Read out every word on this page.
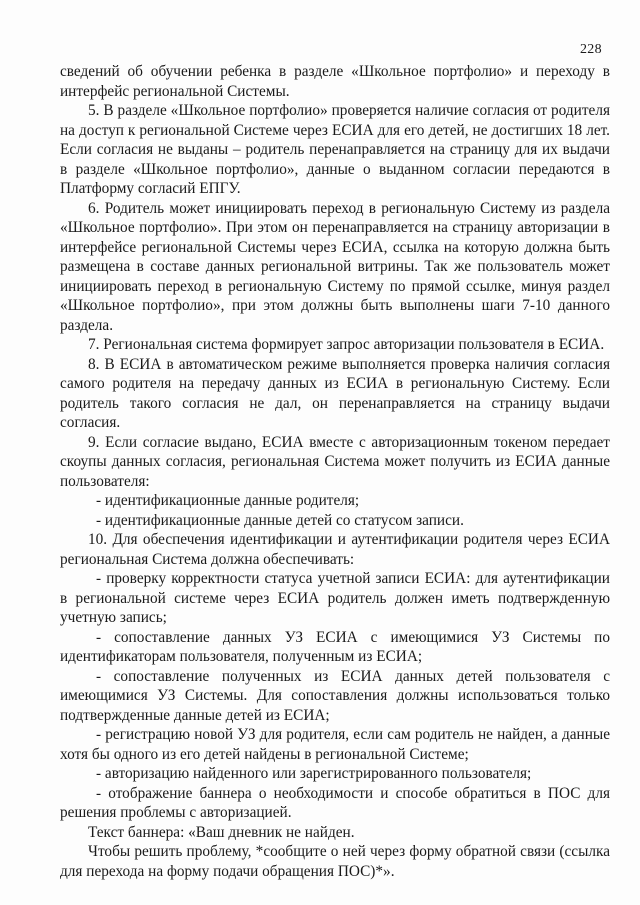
228

сведений об обучении ребенка в разделе «Школьное портфолио» и переходу в интерфейс региональной Системы.

5. В разделе «Школьное портфолио» проверяется наличие согласия от родителя на доступ к региональной Системе через ЕСИА для его детей, не достигших 18 лет. Если согласия не выданы – родитель перенаправляется на страницу для их выдачи в разделе «Школьное портфолио», данные о выданном согласии передаются в Платформу согласий ЕПГУ.

6. Родитель может инициировать переход в региональную Систему из раздела «Школьное портфолио». При этом он перенаправляется на страницу авторизации в интерфейсе региональной Системы через ЕСИА, ссылка на которую должна быть размещена в составе данных региональной витрины. Так же пользователь может инициировать переход в региональную Систему по прямой ссылке, минуя раздел «Школьное портфолио», при этом должны быть выполнены шаги 7-10 данного раздела.

7. Региональная система формирует запрос авторизации пользователя в ЕСИА.

8. В ЕСИА в автоматическом режиме выполняется проверка наличия согласия самого родителя на передачу данных из ЕСИА в региональную Систему. Если родитель такого согласия не дал, он перенаправляется на страницу выдачи согласия.

9. Если согласие выдано, ЕСИА вместе с авторизационным токеном передает скоупы данных согласия, региональная Система может получить из ЕСИА данные пользователя:

- идентификационные данные родителя;

- идентификационные данные детей со статусом записи.

10. Для обеспечения идентификации и аутентификации родителя через ЕСИА региональная Система должна обеспечивать:

- проверку корректности статуса учетной записи ЕСИА: для аутентификации в региональной системе через ЕСИА родитель должен иметь подтвержденную учетную запись;

- сопоставление данных УЗ ЕСИА с имеющимися УЗ Системы по идентификаторам пользователя, полученным из ЕСИА;

- сопоставление полученных из ЕСИА данных детей пользователя с имеющимися УЗ Системы. Для сопоставления должны использоваться только подтвержденные данные детей из ЕСИА;

- регистрацию новой УЗ для родителя, если сам родитель не найден, а данные хотя бы одного из его детей найдены в региональной Системе;

- авторизацию найденного или зарегистрированного пользователя;

- отображение баннера о необходимости и способе обратиться в ПОС для решения проблемы с авторизацией.

Текст баннера: «Ваш дневник не найден.

Чтобы решить проблему, *сообщите о ней через форму обратной связи (ссылка для перехода на форму подачи обращения ПОС)*».
